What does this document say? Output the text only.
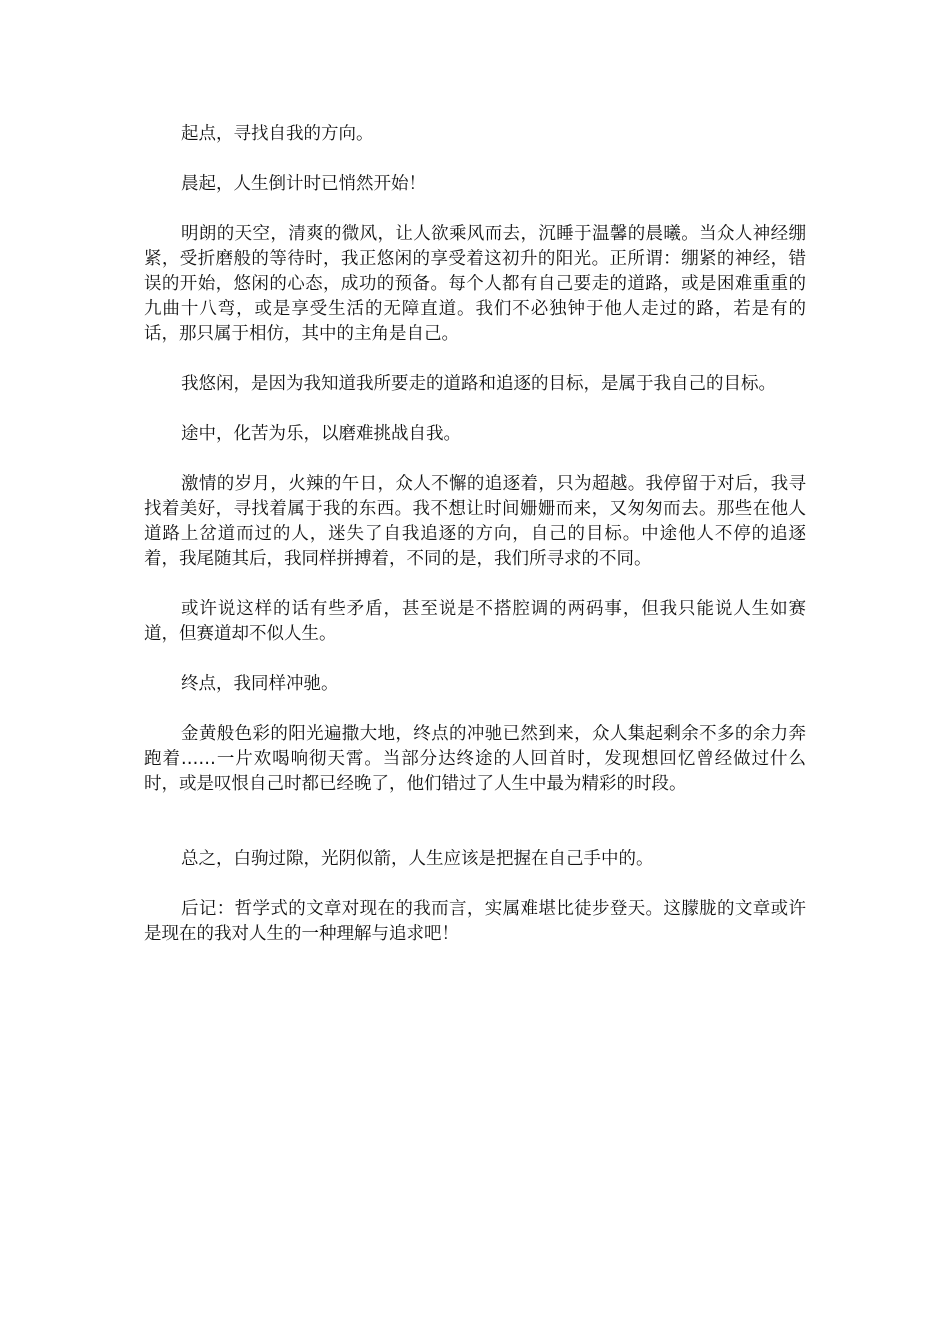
起点，寻找自我的方向。

晨起，人生倒计时已悄然开始！

明朗的天空，清爽的微风，让人欲乘风而去，沉睡于温馨的晨曦。当众人神经绷紧，受折磨般的等待时，我正悠闲的享受着这初升的阳光。正所谓：绷紧的神经，错误的开始，悠闲的心态，成功的预备。每个人都有自己要走的道路，或是困难重重的九曲十八弯，或是享受生活的无障直道。我们不必独钟于他人走过的路，若是有的话，那只属于相仿，其中的主角是自己。

我悠闲，是因为我知道我所要走的道路和追逐的目标，是属于我自己的目标。

途中，化苦为乐，以磨难挑战自我。

激情的岁月，火辣的午日，众人不懈的追逐着，只为超越。我停留于对后，我寻找着美好，寻找着属于我的东西。我不想让时间姗姗而来，又匆匆而去。那些在他人道路上岔道而过的人，迷失了自我追逐的方向，自己的目标。中途他人不停的追逐着，我尾随其后，我同样拼搏着，不同的是，我们所寻求的不同。

或许说这样的话有些矛盾，甚至说是不搭腔调的两码事，但我只能说人生如赛道，但赛道却不似人生。

终点，我同样冲驰。

金黄般色彩的阳光遍撒大地，终点的冲驰已然到来，众人集起剩余不多的余力奔跑着……一片欢喝响彻天霄。当部分达终途的人回首时，发现想回忆曾经做过什么时，或是叹恨自己时都已经晚了，他们错过了人生中最为精彩的时段。

总之，白驹过隙，光阴似箭，人生应该是把握在自己手中的。

后记：哲学式的文章对现在的我而言，实属难堪比徒步登天。这朦胧的文章或许是现在的我对人生的一种理解与追求吧！
